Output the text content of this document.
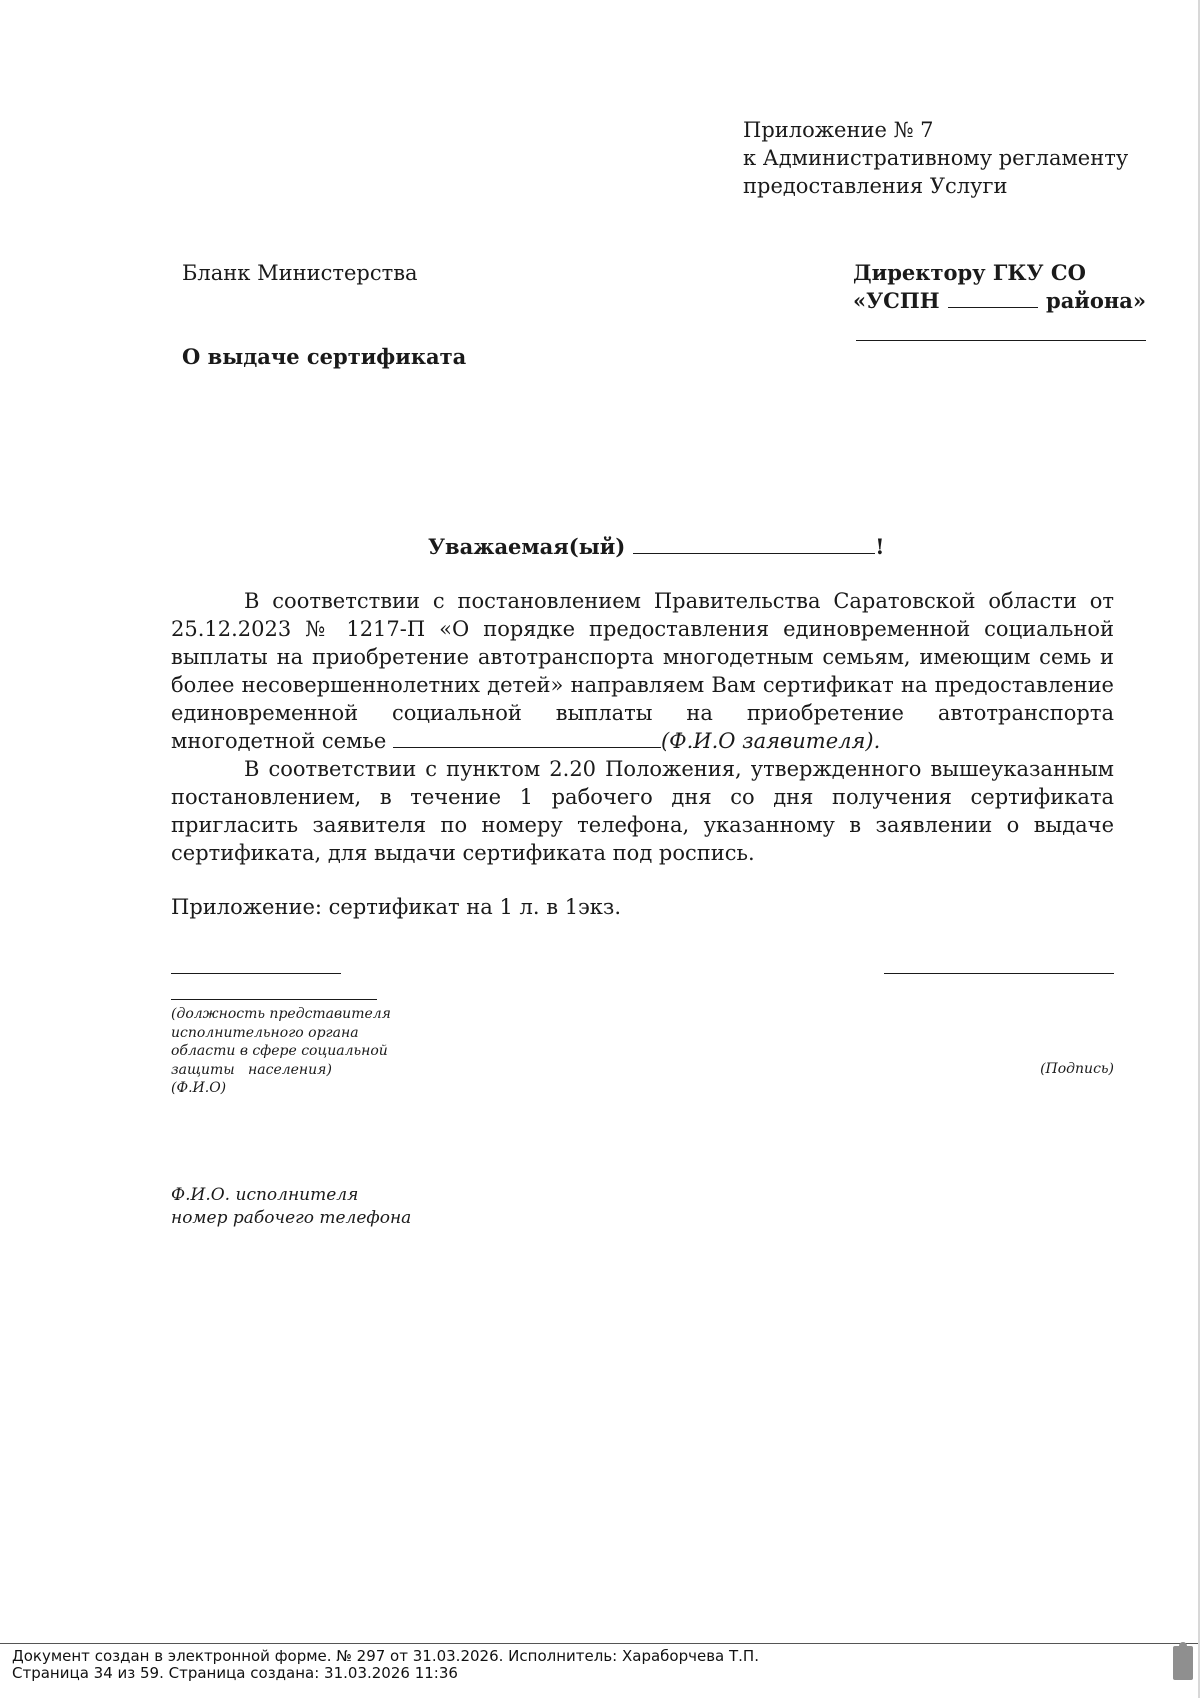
Приложение № 7
к Административному регламенту
предоставления Услуги
Бланк Министерства	Директору ГКУ СО
«УСПН	района»
О выдаче сертификата
Уважаемая(ый)	!

В соответствии с постановлением Правительства Саратовской области от 25.12.2023 № 1217-П «О порядке предоставления единовременной социальной выплаты на приобретение автотранспорта многодетным семьям, имеющим семь и более несовершеннолетних детей» направляем Вам сертификат на предоставление единовременной социальной выплаты на приобретение автотранспорта многодетной семье	(Ф.И.О заявителя).

В соответствии с пунктом 2.20 Положения, утвержденного вышеуказанным постановлением, в течение 1 рабочего дня со дня получения сертификата пригласить заявителя по номеру телефона, указанному в заявлении о выдаче сертификата, для выдачи сертификата под роспись.

Приложение: сертификат на 1 л. в 1экз.
(должность представителя
исполнительного органа
области в сфере социальной
защиты   населения)
(Ф.И.О)
(Подпись)
Ф.И.О. исполнителя
номер рабочего телефона
Документ создан в электронной форме. № 297 от 31.03.2026. Исполнитель: Хараборчева Т.П.
Страница 34 из 59. Страница создана: 31.03.2026 11:36
